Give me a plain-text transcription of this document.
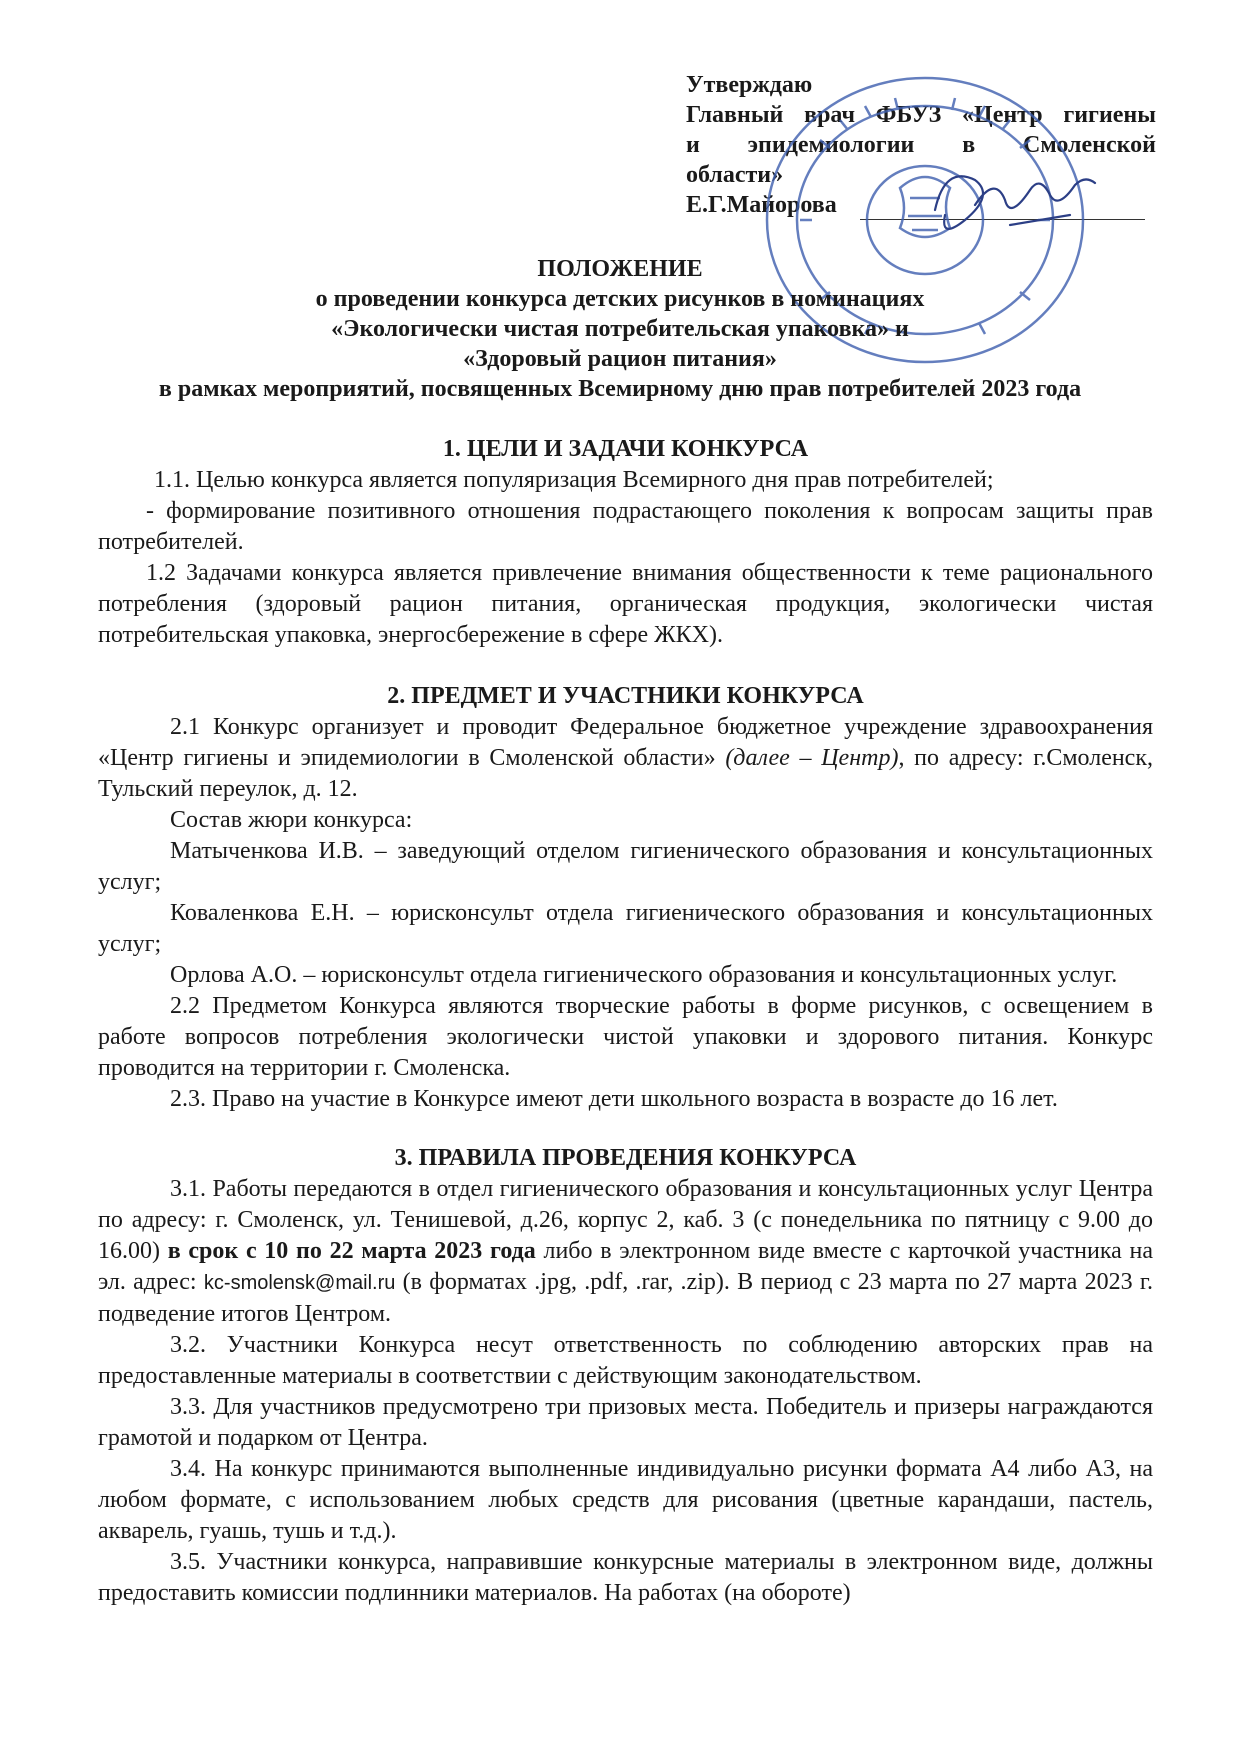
Утверждаю
Главный врач ФБУЗ «Центр гигиены
и эпидемиологии в Смоленской
области»
Е.Г.Майорова
ПОЛОЖЕНИЕ
о проведении конкурса детских рисунков в номинациях
«Экологически чистая потребительская упаковка» и
«Здоровый рацион питания»
в рамках мероприятий, посвященных Всемирному дню прав потребителей 2023 года

1. ЦЕЛИ И ЗАДАЧИ КОНКУРСА

1.1. Целью конкурса является популяризация Всемирного дня прав потребителей;

- формирование позитивного отношения подрастающего поколения к вопросам защиты прав потребителей.

1.2 Задачами конкурса является привлечение внимания общественности к теме рационального потребления (здоровый рацион питания, органическая продукция, экологически чистая потребительская упаковка, энергосбережение в сфере ЖКХ).

2. ПРЕДМЕТ И УЧАСТНИКИ КОНКУРСА

2.1 Конкурс организует и проводит Федеральное бюджетное учреждение здравоохранения «Центр гигиены и эпидемиологии в Смоленской области» (далее – Центр), по адресу: г.Смоленск, Тульский переулок, д. 12.

Состав жюри конкурса:

Матыченкова И.В. – заведующий отделом гигиенического образования и консультационных услуг;

Коваленкова Е.Н. – юрисконсульт отдела гигиенического образования и консультационных услуг;

Орлова А.О. – юрисконсульт отдела гигиенического образования и консультационных услуг.

2.2 Предметом Конкурса являются творческие работы в форме рисунков, с освещением в работе вопросов потребления экологически чистой упаковки и здорового питания. Конкурс проводится на территории г. Смоленска.

2.3. Право на участие в Конкурсе имеют дети школьного возраста в возрасте до 16 лет.

3. ПРАВИЛА ПРОВЕДЕНИЯ КОНКУРСА

3.1. Работы передаются в отдел гигиенического образования и консультационных услуг Центра по адресу: г. Смоленск, ул. Тенишевой, д.26, корпус 2, каб. 3 (с понедельника по пятницу с 9.00 до 16.00) в срок с 10 по 22 марта 2023 года либо в электронном виде вместе с карточкой участника на эл. адрес: kc-smolensk@mail.ru (в форматах .jpg, .pdf, .rar, .zip). В период с 23 марта по 27 марта 2023 г. подведение итогов Центром.

3.2. Участники Конкурса несут ответственность по соблюдению авторских прав на предоставленные материалы в соответствии с действующим законодательством.

3.3. Для участников предусмотрено три призовых места. Победитель и призеры награждаются грамотой и подарком от Центра.

3.4. На конкурс принимаются выполненные индивидуально рисунки формата А4 либо А3, на любом формате, с использованием любых средств для рисования (цветные карандаши, пастель, акварель, гуашь, тушь и т.д.).

3.5. Участники конкурса, направившие конкурсные материалы в электронном виде, должны предоставить комиссии подлинники материалов. На работах (на обороте)
